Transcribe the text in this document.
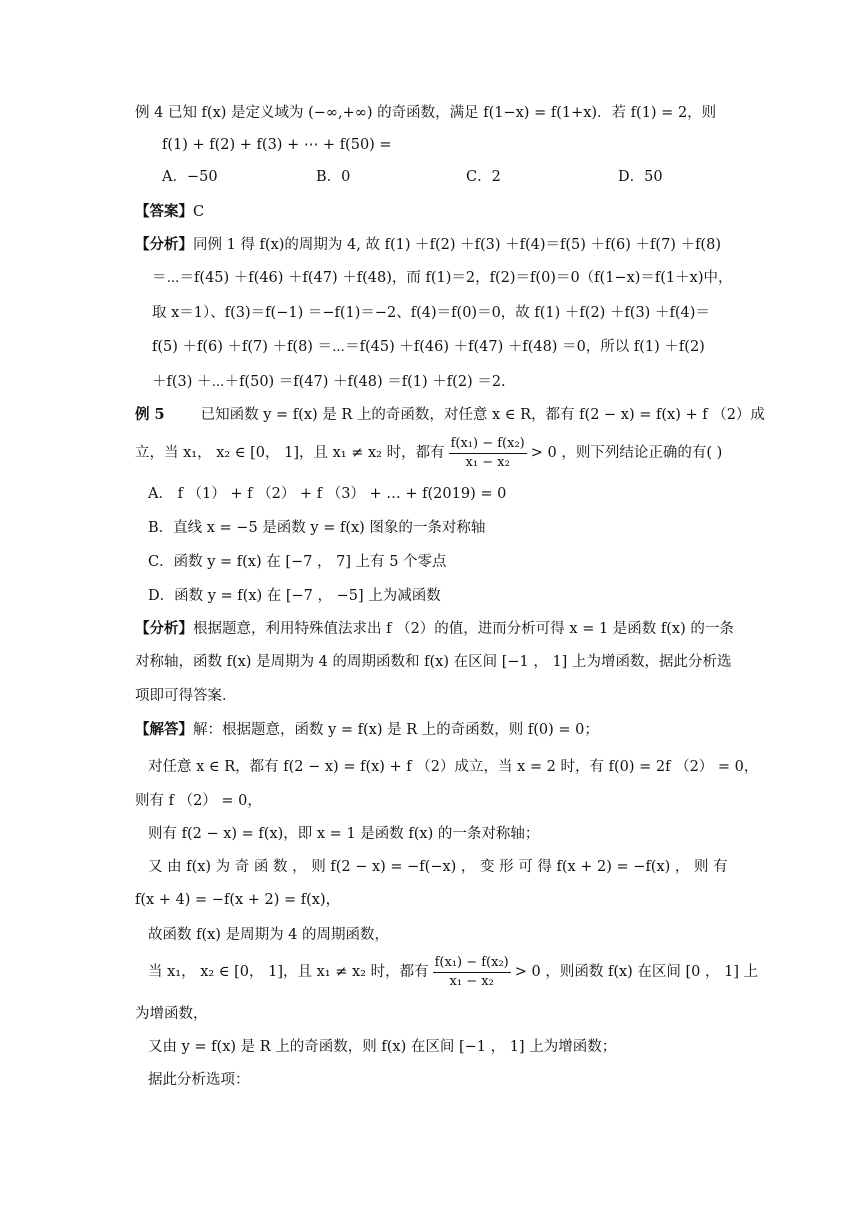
例 4 已知 f(x) 是定义域为 (−∞,+∞) 的奇函数，满足 f(1−x) = f(1+x)．若 f(1) = 2，则
f(1) + f(2) + f(3) + ⋯ + f(50) =
A．−50	B．0	C．2	D．50
【答案】C
【分析】同例 1 得 f(x)的周期为 4, 故 f(1) ＋f(2) ＋f(3) ＋f(4)＝f(5) ＋f(6) ＋f(7) ＋f(8)
＝⋯＝f(45) ＋f(46) ＋f(47) ＋f(48)，而 f(1)＝2，f(2)＝f(0)＝0（f(1−x)＝f(1＋x)中，
取 x＝1）、f(3)＝f(−1) ＝−f(1)＝−2、f(4)＝f(0)＝0，故 f(1) ＋f(2) ＋f(3) ＋f(4)＝
f(5) ＋f(6) ＋f(7) ＋f(8) ＝⋯＝f(45) ＋f(46) ＋f(47) ＋f(48) ＝0，所以 f(1) ＋f(2)
＋f(3) ＋⋯＋f(50) ＝f(47) ＋f(48) ＝f(1) ＋f(2) ＝2.
例 5 已知函数 y = f(x) 是 R 上的奇函数，对任意 x ∈ R，都有 f(2 − x) = f(x) + f （2）成
立，当 x₁， x₂ ∈ [0， 1]，且 x₁ ≠ x₂ 时，都有 $\frac{\text{f(x₁) − f(x₂)}}{\text{x₁ − x₂}} > 0$ ，则下列结论正确的有( )
A． f （1） + f （2） + f （3） + … + f(2019) = 0
B．直线 x = −5 是函数 y = f(x) 图象的一条对称轴
C．函数 y = f(x) 在 [−7 ， 7] 上有 5 个零点
D．函数 y = f(x) 在 [−7 ， −5] 上为减函数
【分析】根据题意，利用特殊值法求出 f （2）的值，进而分析可得 x = 1 是函数 f(x) 的一条
对称轴，函数 f(x) 是周期为 4 的周期函数和 f(x) 在区间 [−1 ， 1] 上为增函数，据此分析选
项即可得答案．
【解答】解：根据题意，函数 y = f(x) 是 R 上的奇函数，则 f(0) = 0；
对任意 x ∈ R，都有 f(2 − x) = f(x) + f （2）成立，当 x = 2 时，有 f(0) = 2f （2） = 0，
则有 f （2） = 0，
则有 f(2 − x) = f(x)，即 x = 1 是函数 f(x) 的一条对称轴；
又 由 f(x) 为 奇 函 数 ， 则 f(2 − x) = −f(−x) ， 变 形 可 得 f(x + 2) = −f(x) ， 则 有
f(x + 4) = −f(x + 2) = f(x)，
故函数 f(x) 是周期为 4 的周期函数，
当 x₁， x₂ ∈ [0， 1]，且 x₁ ≠ x₂ 时，都有 $\frac{\text{f(x₁) − f(x₂)}}{\text{x₁ − x₂}} > 0$ ，则函数 f(x) 在区间 [0 ， 1] 上
为增函数，
又由 y = f(x) 是 R 上的奇函数，则 f(x) 在区间 [−1 ， 1] 上为增函数；
据此分析选项：
